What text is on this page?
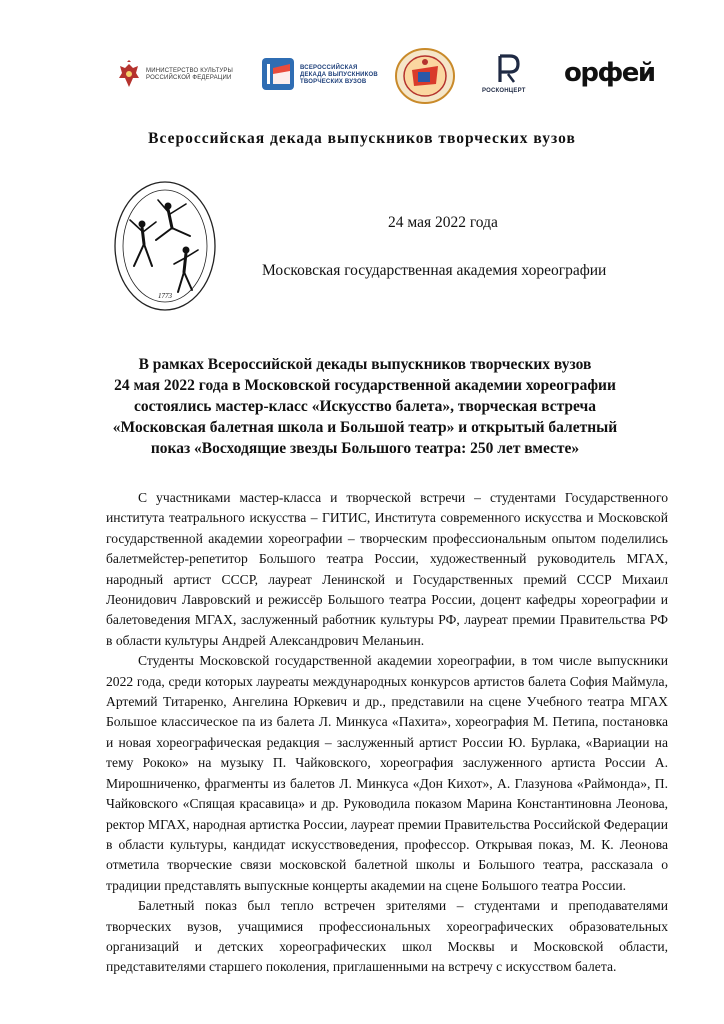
МИНИСТЕРСТВО КУЛЬТУРЫ РОССИЙСКОЙ ФЕДЕРАЦИИ
ВСЕРОССИЙСКАЯ
ДЕКАДА ВЫПУСКНИКОВ
ТВОРЧЕСКИХ ВУЗОВ
РОСКОНЦЕРТ
орфей
Всероссийская декада выпускников творческих вузов
1773
24 мая 2022 года
Московская государственная академия хореографии
В рамках Всероссийской декады выпускников творческих вузов
24 мая 2022 года в Московской государственной академии хореографии
состоялись мастер-класс «Искусство балета», творческая встреча
«Московская балетная школа и Большой театр» и открытый балетный
показ «Восходящие звезды Большого театра: 250 лет вместе»

С участниками мастер-класса и творческой встречи – студентами Государственного института театрального искусства – ГИТИС, Института современного искусства и Московской государственной академии хореографии – творческим профессиональным опытом поделились балетмейстер-репетитор Большого театра России, художественный руководитель МГАХ, народный артист СССР, лауреат Ленинской и Государственных премий СССР Михаил Леонидович Лавровский и режиссёр Большого театра России, доцент кафедры хореографии и балетоведения МГАХ, заслуженный работник культуры РФ, лауреат премии Правительства РФ в области культуры Андрей Александрович Меланьин.

Студенты Московской государственной академии хореографии, в том числе выпускники 2022 года, среди которых лауреаты международных конкурсов артистов балета София Маймула, Артемий Титаренко, Ангелина Юркевич и др., представили на сцене Учебного театра МГАХ Большое классическое па из балета Л. Минкуса «Пахита», хореография М. Петипа, постановка и новая хореографическая редакция – заслуженный артист России Ю. Бурлака, «Вариации на тему Рококо» на музыку П. Чайковского, хореография заслуженного артиста России А. Мирошниченко, фрагменты из балетов Л. Минкуса «Дон Кихот», А. Глазунова «Раймонда», П. Чайковского «Спящая красавица» и др. Руководила показом Марина Константиновна Леонова, ректор МГАХ, народная артистка России, лауреат премии Правительства Российской Федерации в области культуры, кандидат искусствоведения, профессор. Открывая показ, М. К. Леонова отметила творческие связи московской балетной школы и Большого театра, рассказала о традиции представлять выпускные концерты академии на сцене Большого театра России.

Балетный показ был тепло встречен зрителями – студентами и преподавателями творческих вузов, учащимися профессиональных хореографических образовательных организаций и детских хореографических школ Москвы и Московской области, представителями старшего поколения, приглашенными на встречу с искусством балета.
